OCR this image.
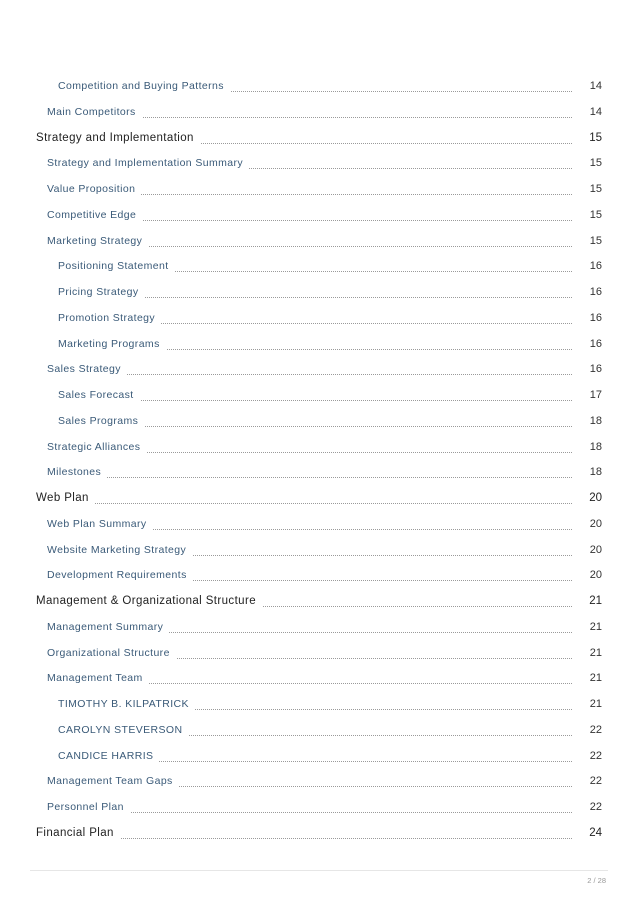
Competition and Buying Patterns	14
Main Competitors	14
Strategy and Implementation	15
Strategy and Implementation Summary	15
Value Proposition	15
Competitive Edge	15
Marketing Strategy	15
Positioning Statement	16
Pricing Strategy	16
Promotion Strategy	16
Marketing Programs	16
Sales Strategy	16
Sales Forecast	17
Sales Programs	18
Strategic Alliances	18
Milestones	18
Web Plan	20
Web Plan Summary	20
Website Marketing Strategy	20
Development Requirements	20
Management & Organizational Structure	21
Management Summary	21
Organizational Structure	21
Management Team	21
TIMOTHY B. KILPATRICK	21
CAROLYN STEVERSON	22
CANDICE HARRIS	22
Management Team Gaps	22
Personnel Plan	22
Financial Plan	24
2 / 28
